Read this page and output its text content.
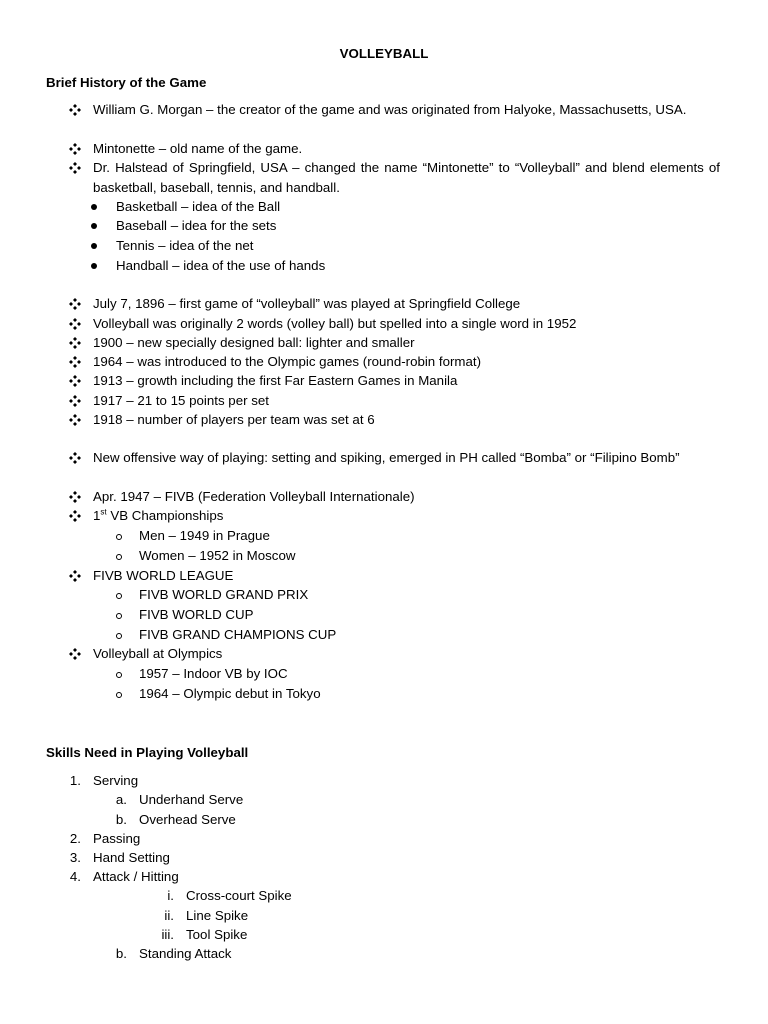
VOLLEYBALL
Brief History of the Game
William G. Morgan – the creator of the game and was originated from Halyoke, Massachusetts, USA.
Mintonette – old name of the game.
Dr. Halstead of Springfield, USA – changed the name “Mintonette” to “Volleyball” and blend elements of basketball, baseball, tennis, and handball.
Basketball – idea of the Ball
Baseball – idea for the sets
Tennis – idea of the net
Handball – idea of the use of hands
July 7, 1896 – first game of “volleyball” was played at Springfield College
Volleyball was originally 2 words (volley ball) but spelled into a single word in 1952
1900 – new specially designed ball: lighter and smaller
1964 – was introduced to the Olympic games (round-robin format)
1913 – growth including the first Far Eastern Games in Manila
1917 – 21 to 15 points per set
1918 – number of players per team was set at 6
New offensive way of playing: setting and spiking, emerged in PH called “Bomba” or “Filipino Bomb”
Apr. 1947 – FIVB (Federation Volleyball Internationale)
1st VB Championships
Men – 1949 in Prague
Women – 1952 in Moscow
FIVB WORLD LEAGUE
FIVB WORLD GRAND PRIX
FIVB WORLD CUP
FIVB GRAND CHAMPIONS CUP
Volleyball at Olympics
1957 – Indoor VB by IOC
1964 – Olympic debut in Tokyo
Skills Need in Playing Volleyball
1. Serving
a. Underhand Serve
b. Overhead Serve
2. Passing
3. Hand Setting
4. Attack / Hitting
i. Cross-court Spike
ii. Line Spike
iii. Tool Spike
b. Standing Attack
